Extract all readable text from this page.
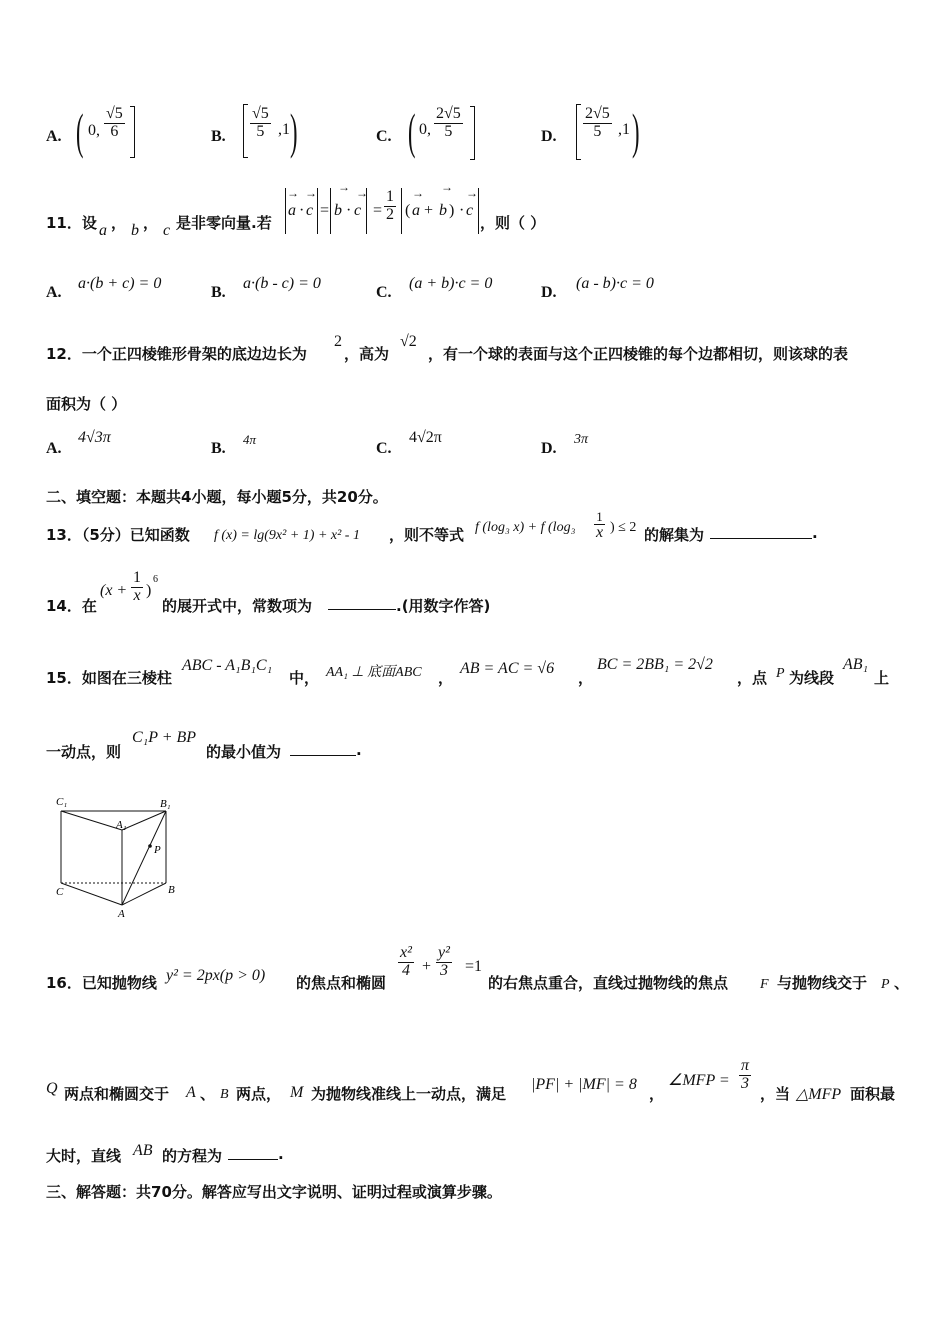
A. ( 0, $\frac{√5}{6}$	B. $\frac{√5}{5} ,1$ )	C. ( 0, $\frac{2√5}{5}$	D. $\frac{2√5}{5} ,1$ )
11．设 a ， b ， c 是非零向量.若
a
→
· c
→
= b
→
· c
→
= $\frac{1}{2}$ ( a
→
+ b
→
) · c
→
，则（ ）
A.
a·(b + c) = 0
B.
a·(b - c) = 0
C.
(a + b)·c = 0
D.
(a - b)·c = 0
12．一个正四棱锥形骨架的底边边长为
2
，高为
√2
，有一个球的表面与这个正四棱锥的每个边都相切，则该球的表
面积为（ ）
A.
4√3π
B.
4π
C.
4√2π
D.
3π
二、填空题：本题共4小题，每小题5分，共20分。
13．（5分）已知函数 f (x) = lg(9x² + 1) + x² - 1 ，则不等式 f (log₃ x) + f (log₃
1
x ) ≤ 2 的解集为	.
14．在
($x + \frac{1}{x}$ )
6
的展开式中，常数项为	.(用数字作答)
15．如图在三棱柱
ABC - A₁B₁C₁
中， AA₁ ⊥ 底面ABC ，
AB = AC = √6
，
BC = 2BB₁ = 2√2
，点 P 为线段
AB₁
上
一动点，则
C₁P + BP
的最小值为	.
C₁	B₁
A₁
P
C	B
A
16．已知抛物线 y² = 2px(p > 0) 的焦点和椭圆
$\frac{\text{x²}}{4} + \frac{\text{y²}}{3} =1$
的右焦点重合，直线过抛物线的焦点 F 与抛物线交于 P 、
Q 两点和椭圆交于 A 、 B 两点， M 为抛物线准线上一动点，满足
|PF| + |MF| = 8
，
∠MFP = $\frac{\pi}{3}$
，当 △MFP 面积最
大时，直线 AB 的方程为	.
三、解答题：共70分。解答应写出文字说明、证明过程或演算步骤。
